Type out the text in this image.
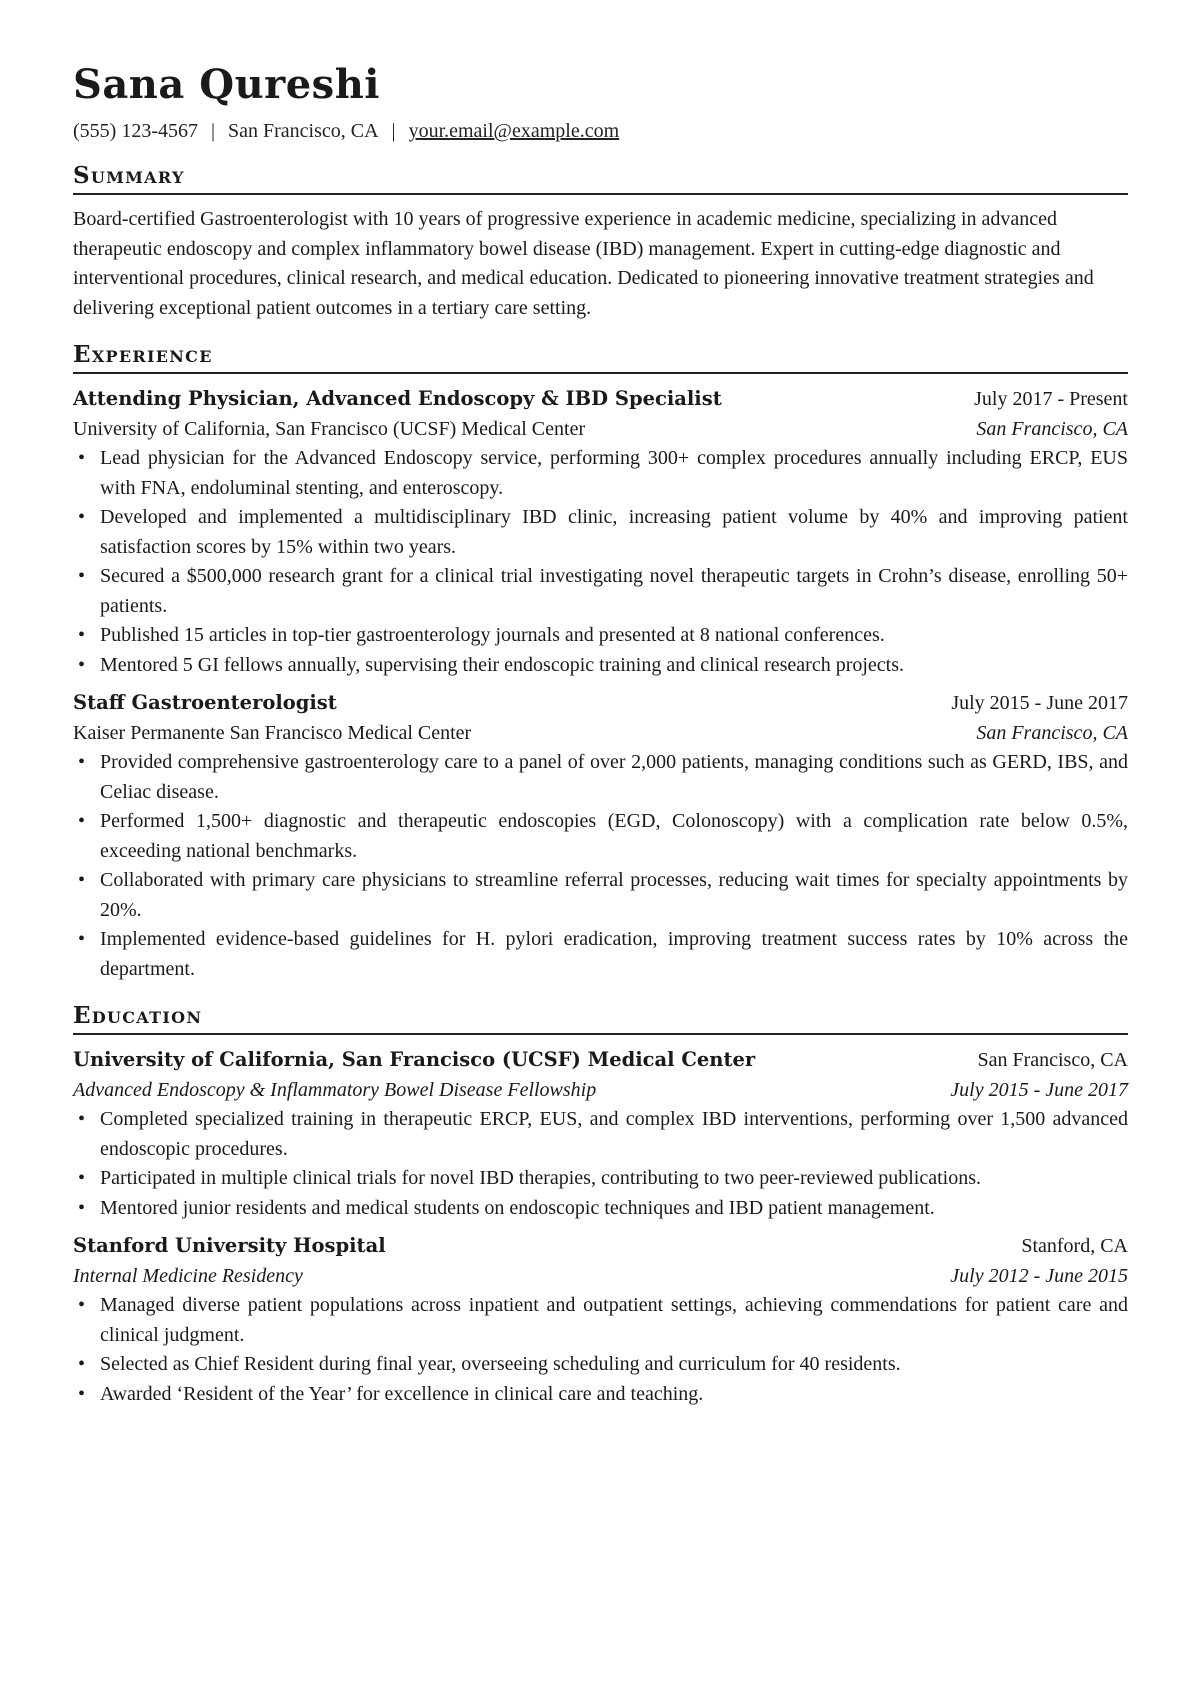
Sana Qureshi
(555) 123-4567 | San Francisco, CA | your.email@example.com
Summary
Board-certified Gastroenterologist with 10 years of progressive experience in academic medicine, specializing in advanced therapeutic endoscopy and complex inflammatory bowel disease (IBD) management. Expert in cutting-edge diagnostic and interventional procedures, clinical research, and medical education. Dedicated to pioneering innovative treatment strategies and delivering exceptional patient outcomes in a tertiary care setting.
Experience
Attending Physician, Advanced Endoscopy & IBD Specialist	July 2017 - Present
University of California, San Francisco (UCSF) Medical Center	San Francisco, CA
• Lead physician for the Advanced Endoscopy service, performing 300+ complex procedures annually including ERCP, EUS with FNA, endoluminal stenting, and enteroscopy.
• Developed and implemented a multidisciplinary IBD clinic, increasing patient volume by 40% and improving patient satisfaction scores by 15% within two years.
• Secured a $500,000 research grant for a clinical trial investigating novel therapeutic targets in Crohn’s disease, enrolling 50+ patients.
• Published 15 articles in top-tier gastroenterology journals and presented at 8 national conferences.
• Mentored 5 GI fellows annually, supervising their endoscopic training and clinical research projects.
Staff Gastroenterologist	July 2015 - June 2017
Kaiser Permanente San Francisco Medical Center	San Francisco, CA
• Provided comprehensive gastroenterology care to a panel of over 2,000 patients, managing conditions such as GERD, IBS, and Celiac disease.
• Performed 1,500+ diagnostic and therapeutic endoscopies (EGD, Colonoscopy) with a complication rate below 0.5%, exceeding national benchmarks.
• Collaborated with primary care physicians to streamline referral processes, reducing wait times for specialty appointments by 20%.
• Implemented evidence-based guidelines for H. pylori eradication, improving treatment success rates by 10% across the department.
Education
University of California, San Francisco (UCSF) Medical Center	San Francisco, CA
Advanced Endoscopy & Inflammatory Bowel Disease Fellowship	July 2015 - June 2017
• Completed specialized training in therapeutic ERCP, EUS, and complex IBD interventions, performing over 1,500 advanced endoscopic procedures.
• Participated in multiple clinical trials for novel IBD therapies, contributing to two peer-reviewed publications.
• Mentored junior residents and medical students on endoscopic techniques and IBD patient management.
Stanford University Hospital	Stanford, CA
Internal Medicine Residency	July 2012 - June 2015
• Managed diverse patient populations across inpatient and outpatient settings, achieving commendations for patient care and clinical judgment.
• Selected as Chief Resident during final year, overseeing scheduling and curriculum for 40 residents.
• Awarded ‘Resident of the Year’ for excellence in clinical care and teaching.
